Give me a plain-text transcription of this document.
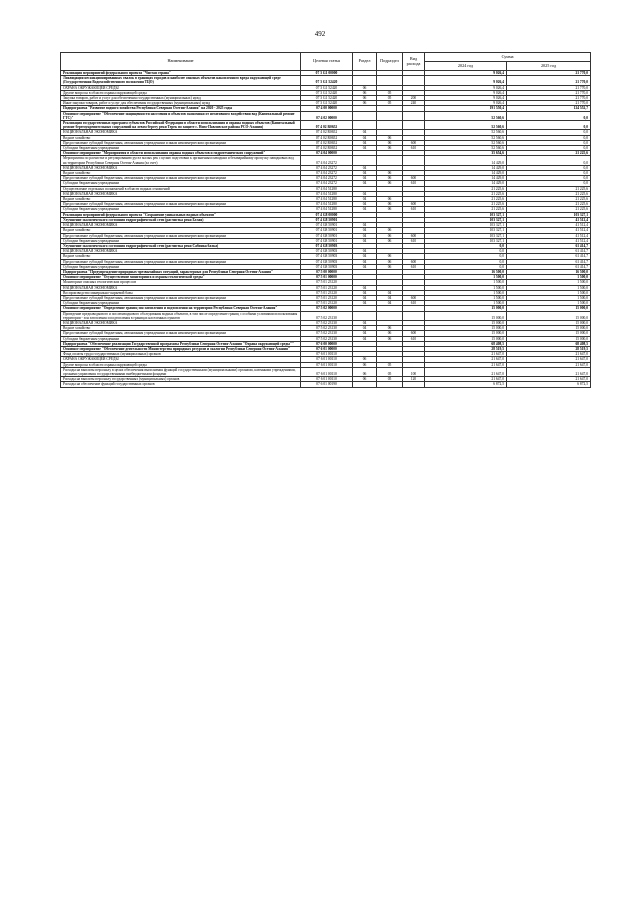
492
Наименование	Целевая статья	Раздел	Подраздел	Вид расхода	Сумма	
					2024 год	2025 год
Реализация мероприятий федерального проекта "Чистая страна"	07 3 G1 00000				9 026,4	21 770,0
Ликвидация несанкционированных свалок в границах городов и наиболее опасных объектов накопленного вреда окружающей среде (Государственная Водохозяйственного положения ТЦО)	07 3 G1 52420				9 026,4	21 770,0
ОХРАНА ОКРУЖАЮЩЕЙ СРЕДЫ	07 3 G1 52420	06			9 026,4	21 770,0
Другие вопросы в области охраны окружающей среды	07 3 G1 52420	06	05		9 026,4	21 770,0
Закупка товаров, работ и услуг для обеспечения государственных (муниципальных) нужд	07 3 G1 52420	06	05	200	9 026,4	21 770,0
Иные закупки товаров, работ и услуг для обеспечения государственных (муниципальных) нужд	07 3 G1 52420	06	05	240	9 026,4	21 770,0
Подпрограмма "Развитие водного хозяйства Республики Северная Осетия-Алания" на 2020 - 2025 годы	07 4 00 00000				191 550,4	124 552,7
Основное мероприятие "Обеспечение защищенности населения и объектов экономики от негативного воздействия вод (Капитальный ремонт ГТС)"	07 4 02 00000				52 560,6	0,0
Реализация государственных программ субъектов Российской Федерации в области использования и охраны водных объектов (Капитальный ремонт берегоукрепительных сооружений на левом берегу реки Терек по защите с. Ново-Павловское района РСО-Алания)	07 4 02 R0652				52 560,6	0,0
НАЦИОНАЛЬНАЯ ЭКОНОМИКА	07 4 02 R0652	04			52 560,6	0,0
Водное хозяйство	07 4 02 R0652	04	06		52 560,6	0,0
Предоставление субсидий бюджетным, автономным учреждениям и иным некоммерческим организациям	07 4 02 R0652	04	06	600	52 560,6	0,0
Субсидии бюджетным учреждениям	07 4 02 R0652	04	06	610	52 560,6	0,0
Основное мероприятие "Мероприятия в области использования охраны водных объектов и гидротехнических сооружений"	07 4 04 00000				35 654,6	21 225,6
Мероприятия по расчистке и регулированию русел малых рек с целью подготовки к органичным паводкам и безаварийному пропуску паводковых вод на территории Республики Северная Осетия-Алания (за счет)	07 4 04 23272				14 429,0	0,0
НАЦИОНАЛЬНАЯ ЭКОНОМИКА	07 4 04 23272	04			14 429,0	0,0
Водное хозяйство	07 4 04 23272	04	06		14 429,0	0,0
Предоставление субсидий бюджетным, автономным учреждениям и иным некоммерческим организациям	07 4 04 23272	04	06	600	14 429,0	0,0
Субсидии бюджетным учреждениям	07 4 04 23272	04	06	610	14 429,0	0,0
Осуществление отдельных полномочий в области водных отношений	07 4 04 51280				21 225,6	21 225,6
НАЦИОНАЛЬНАЯ ЭКОНОМИКА	07 4 04 51280	04			21 225,6	21 225,6
Водное хозяйство	07 4 04 51280	04	06		21 225,6	21 225,6
Предоставление субсидий бюджетным, автономным учреждениям и иным некоммерческим организациям	07 4 04 51280	04	06	600	21 225,6	21 225,6
Субсидии бюджетным учреждениям	07 4 04 51280	04	06	610	21 225,6	21 225,6
Реализация мероприятий федерального проекта "Сохранение уникальных водных объектов"	07 4 G8 00000				103 327,1	103 327,1
Улучшение экологического состояния гидрографической сети (расчистка реки Белая)	07 4 G8 50901				103 327,1	41 512,4
НАЦИОНАЛЬНАЯ ЭКОНОМИКА	07 4 G8 50901	04			103 327,1	41 512,4
Водное хозяйство	07 4 G8 50901	04	06		103 327,1	41 512,4
Предоставление субсидий бюджетным, автономным учреждениям и иным некоммерческим организациям	07 4 G8 50901	04	06	600	103 327,1	41 512,4
Субсидии бюджетным учреждениям	07 4 G8 50901	04	06	610	103 327,1	41 512,4
Улучшение экологического состояния гидрографической сети (расчистка реки Сабинка балка)	07 4 G8 50903				0,0	61 414,7
НАЦИОНАЛЬНАЯ ЭКОНОМИКА	07 4 G8 50903	04			0,0	61 414,7
Водное хозяйство	07 4 G8 50903	04	06		0,0	61 414,7
Предоставление субсидий бюджетным, автономным учреждениям и иным некоммерческим организациям	07 4 G8 50903	04	06	600	0,0	61 414,7
Субсидии бюджетным учреждениям	07 4 G8 50903	04	06	610	0,0	61 414,7
Подпрограмма "Предупреждение природных чрезвычайных ситуаций, характерных для Республики Северная Осетия-Алания"	07 5 00 00000				16 500,0	16 500,0
Основное мероприятие "Осуществление мониторинга и охраны геологической среды"	07 5 01 00000				1 500,0	1 500,0
Мониторинг опасных геологических процессов	07 5 01 23120				1 500,0	1 500,0
НАЦИОНАЛЬНАЯ ЭКОНОМИКА	07 5 01 23120	04			1 500,0	1 500,0
Воспроизводство минерально-сырьевой базы	07 5 01 23120	04	04		1 500,0	1 500,0
Предоставление субсидий бюджетным, автономным учреждениям и иным некоммерческим организациям	07 5 01 23120	04	04	600	1 500,0	1 500,0
Субсидии бюджетным учреждениям	07 5 01 23120	04	04	610	1 500,0	1 500,0
Основное мероприятие "Определение границ зон затопления и подтопления на территории Республики Северная Осетия-Алания"	07 5 02 00000				15 000,0	15 000,0
Проведение предпаводкового и послепаводкового обследования водных объектов, в том числе определение границ с особыми условиями использования территории - зон затопления и подтопления в границах населенных пунктов	07 5 02 23130				15 000,0	15 000,0
НАЦИОНАЛЬНАЯ ЭКОНОМИКА	07 5 02 23130	04			15 000,0	15 000,0
Водное хозяйство	07 5 02 23130	04	06		15 000,0	15 000,0
Предоставление субсидий бюджетным, автономным учреждениям и иным некоммерческим организациям	07 5 02 23130	04	06	600	15 000,0	15 000,0
Субсидии бюджетным учреждениям	07 5 02 23130	04	06	610	15 000,0	15 000,0
Подпрограмма "Обеспечение реализации Государственной программы Республики Северная Осетия-Алания "Охрана окружающей среды""	07 6 00 00000				68 408,5	68 408,5
Основное мероприятие "Обеспечение деятельности Министерства природных ресурсов и экологии Республики Северная Осетия-Алания"	07 6 01 00000				28 519,5	28 519,5
Фонд оплаты труда государственных (муниципальных) органов	07 6 01 00110				21 647,0	21 647,0
ОХРАНА ОКРУЖАЮЩЕЙ СРЕДЫ	07 6 01 00110	06			21 647,0	21 647,0
Другие вопросы в области охраны окружающей среды	07 6 01 00110	06	05		21 647,0	21 647,0
Расходы на выплаты персоналу в целях обеспечения выполнения функций государственными (муниципальными) органами, казенными учреждениями, органами управления государственными внебюджетными фондами	07 6 01 00110	06	05	100	21 647,0	21 647,0
Расходы на выплаты персоналу государственных (муниципальных) органов	07 6 01 00110	06	05	120	21 647,0	21 647,0
Расходы на обеспечение функций государственных органов	07 6 01 00190				6 872,5	6 872,5
